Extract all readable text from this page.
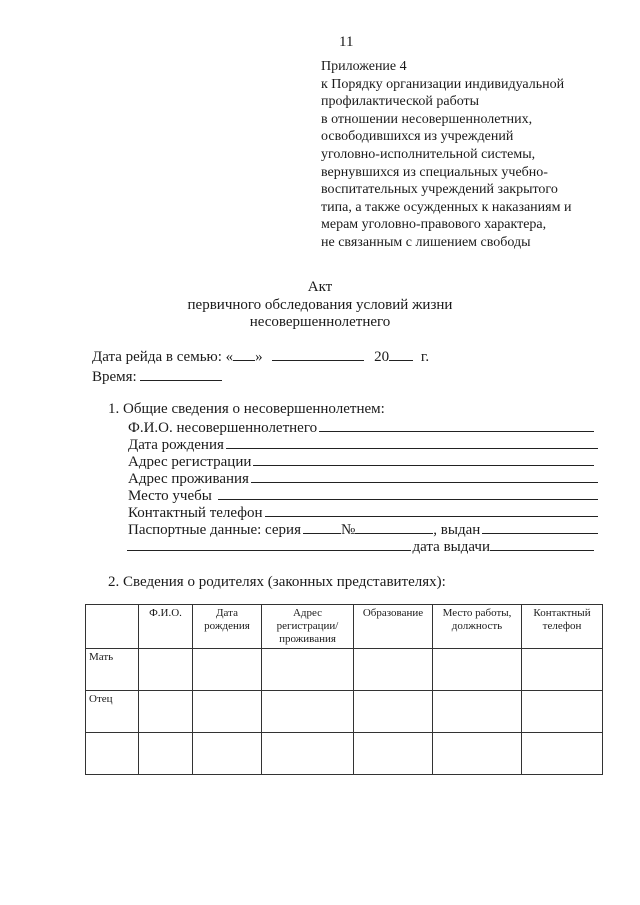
11
Приложение 4
к Порядку организации индивидуальной
профилактической работы
в отношении несовершеннолетних,
освободившихся из учреждений
уголовно-исполнительной системы,
вернувшихся из специальных учебно-
воспитательных учреждений закрытого
типа, а также осужденных к наказаниям и
мерам уголовно-правового характера,
не связанным с лишением свободы
Акт
первичного обследования условий жизни
несовершеннолетнего
Дата рейда в семью: « »	20 г.
Время:
1. Общие сведения о несовершеннолетнем:
Ф.И.О. несовершеннолетнего
Дата рождения
Адрес регистрации
Адрес проживания
Место учебы
Контактный телефон
Паспортные данные: серия	№	, выдан
дата выдачи
2. Сведения о родителях (законных представителях):
	Ф.И.О.	Дата рождения	Адрес регистрации/ проживания	Образование	Место работы, должность	Контактный телефон
Мать						
Отец						
